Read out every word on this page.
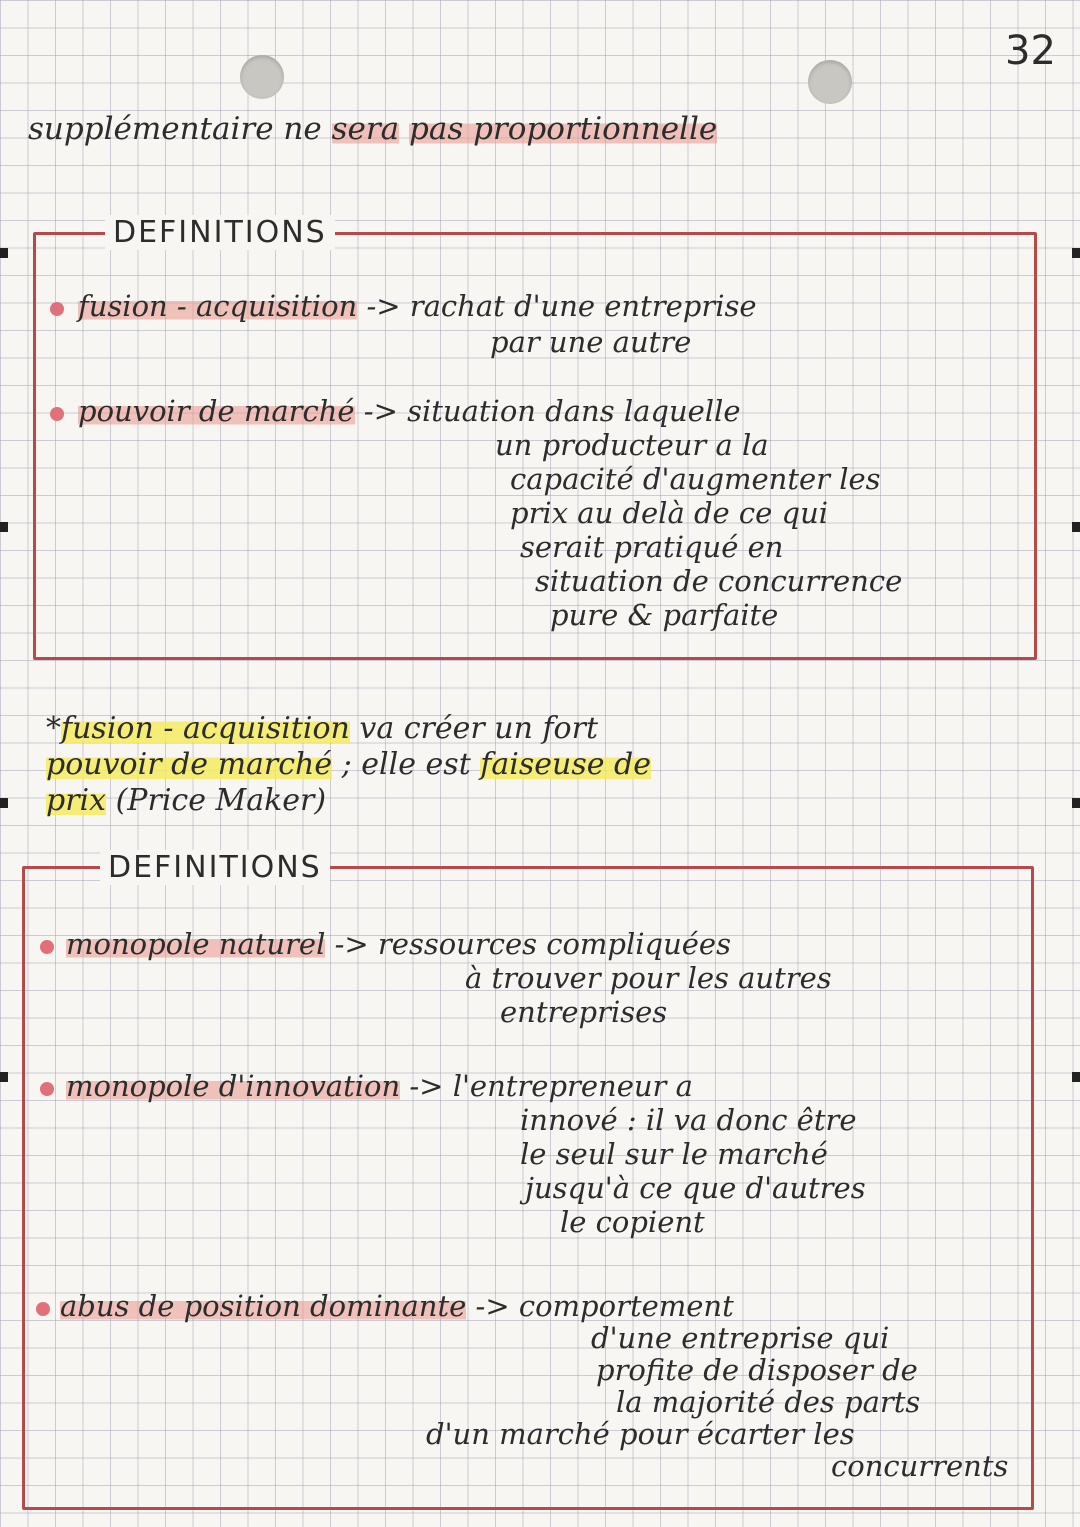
32
supplémentaire ne sera pas proportionnelle
DEFINITIONS
fusion - acquisition -> rachat d'une entreprise
par une autre
pouvoir de marché -> situation dans laquelle
un producteur a la
capacité d'augmenter les
prix au delà de ce qui
serait pratiqué en
situation de concurrence
pure & parfaite
*fusion - acquisition va créer un fort
pouvoir de marché ; elle est faiseuse de
prix (Price Maker)
DEFINITIONS
monopole naturel -> ressources compliquées
à trouver pour les autres
entreprises
monopole d'innovation -> l'entrepreneur a
innové : il va donc être
le seul sur le marché
jusqu'à ce que d'autres
le copient
abus de position dominante -> comportement
d'une entreprise qui
profite de disposer de
la majorité des parts
d'un marché pour écarter les
concurrents
